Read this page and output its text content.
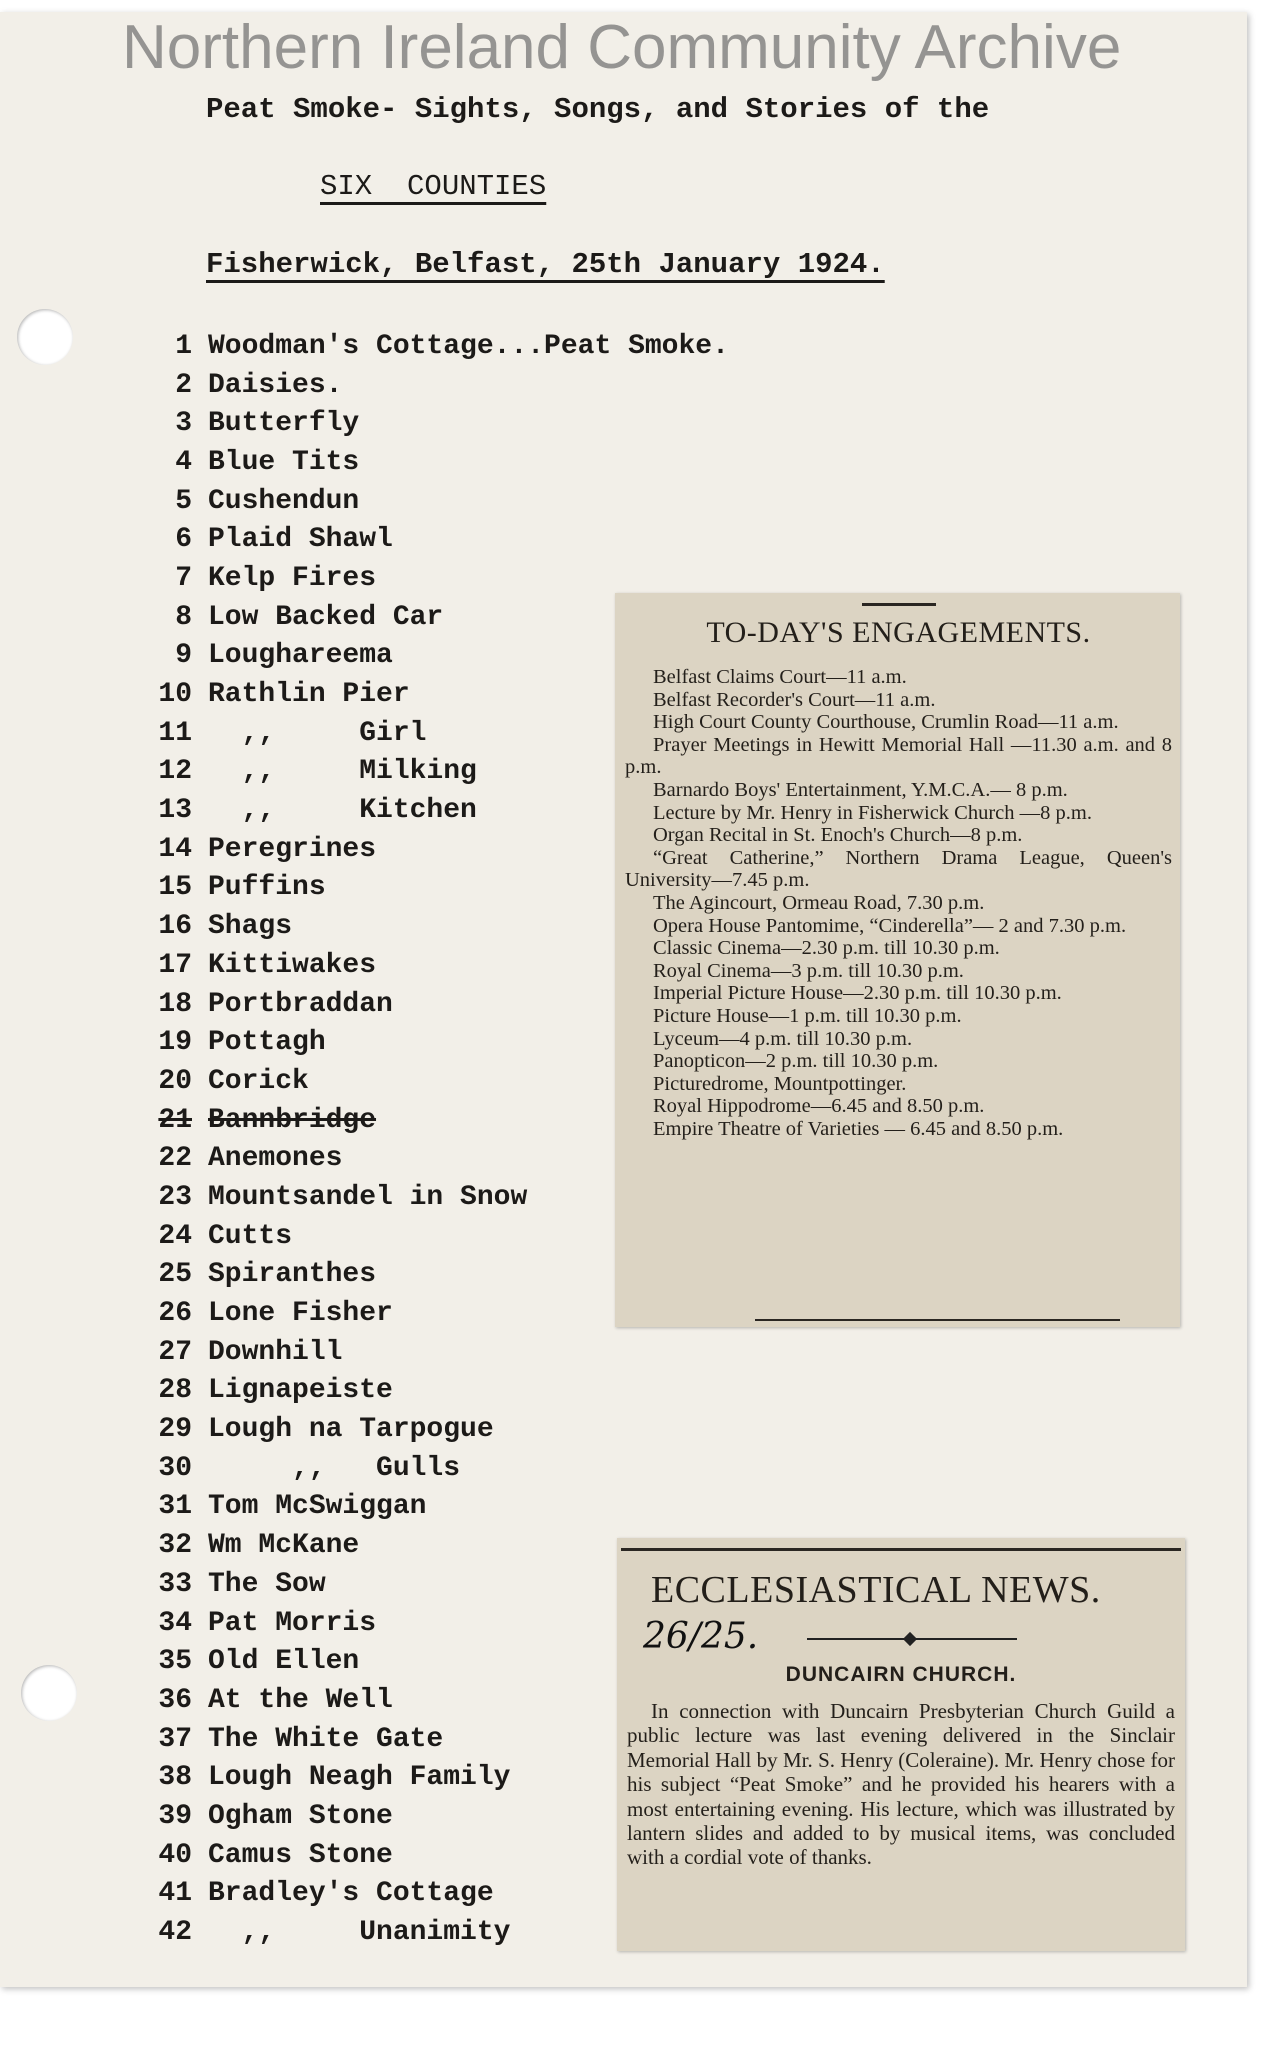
Northern Ireland Community Archive
Peat Smoke- Sights, Songs, and Stories of the
SIX  COUNTIES
Fisherwick, Belfast, 25th January 1924.
1 Woodman's Cottage...Peat Smoke.
2 Daisies.
3 Butterfly
4 Blue Tits
5 Cushendun
6 Plaid Shawl
7 Kelp Fires
8 Low Backed Car
9 Loughareema
10 Rathlin Pier
11 ,,     Girl
12 ,,     Milking
13 ,,     Kitchen
14 Peregrines
15 Puffins
16 Shags
17 Kittiwakes
18 Portbraddan
19 Pottagh
20 Corick
21 Bannbridge
22 Anemones
23 Mountsandel in Snow
24 Cutts
25 Spiranthes
26 Lone Fisher
27 Downhill
28 Lignapeiste
29 Lough na Tarpogue
30 ,,   Gulls
31 Tom McSwiggan
32 Wm McKane
33 The Sow
34 Pat Morris
35 Old Ellen
36 At the Well
37 The White Gate
38 Lough Neagh Family
39 Ogham Stone
40 Camus Stone
41 Bradley's Cottage
42 ,,     Unanimity
TO-DAY'S ENGAGEMENTS.

Belfast Claims Court—11 a.m.

Belfast Recorder's Court—11 a.m.

High Court County Courthouse, Crumlin Road—11 a.m.

Prayer Meetings in Hewitt Memorial Hall —11.30 a.m. and 8 p.m.

Barnardo Boys' Entertainment, Y.M.C.A.— 8 p.m.

Lecture by Mr. Henry in Fisherwick Church —8 p.m.

Organ Recital in St. Enoch's Church—8 p.m.

“Great Catherine,” Northern Drama League, Queen's University—7.45 p.m.

The Agincourt, Ormeau Road, 7.30 p.m.

Opera House Pantomime, “Cinderella”— 2 and 7.30 p.m.

Classic Cinema—2.30 p.m. till 10.30 p.m.

Royal Cinema—3 p.m. till 10.30 p.m.

Imperial Picture House—2.30 p.m. till 10.30 p.m.

Picture House—1 p.m. till 10.30 p.m.

Lyceum—4 p.m. till 10.30 p.m.

Panopticon—2 p.m. till 10.30 p.m.

Picturedrome, Mountpottinger.

Royal Hippodrome—6.45 and 8.50 p.m.

Empire Theatre of Varieties — 6.45 and 8.50 p.m.

ECCLESIASTICAL NEWS.
26/25.
DUNCAIRN CHURCH.

In connection with Duncairn Presbyterian Church Guild a public lecture was last evening delivered in the Sinclair Memorial Hall by Mr. S. Henry (Coleraine). Mr. Henry chose for his subject “Peat Smoke” and he provided his hearers with a most entertaining evening. His lecture, which was illustrated by lantern slides and added to by musical items, was concluded with a cordial vote of thanks.
